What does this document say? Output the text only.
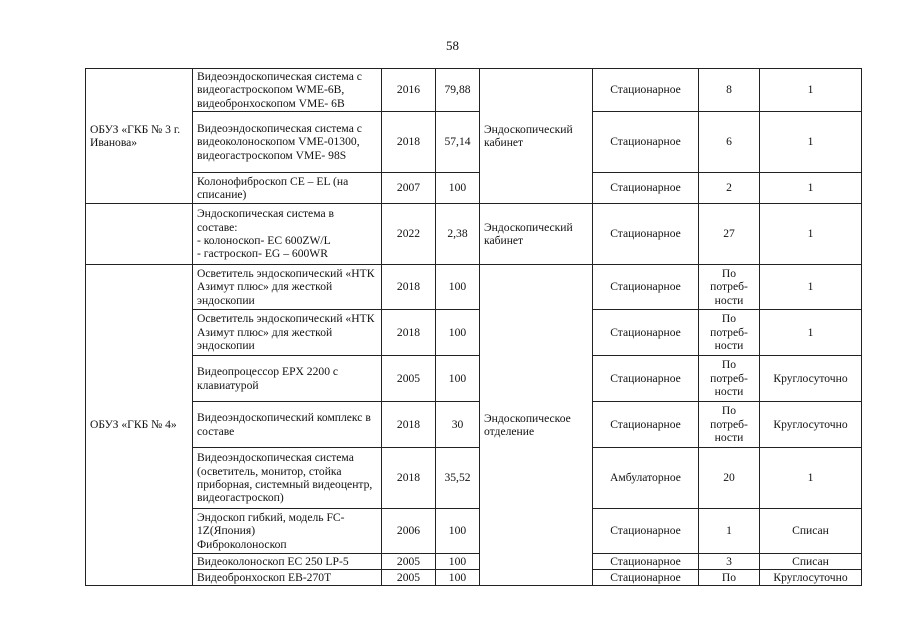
58
ОБУЗ «ГКБ № 3 г. Иванова»	Видеоэндоскопическая система с видеогастроскопом WME-6B, видеобронхоскопом VME- 6B	2016	79,88	Эндоскопический кабинет	Стационарное	8	1
	Видеоэндоскопическая система с видеоколоноскопом VME-01300, видеогастроскопом VME- 98S	2018	57,14		Стационарное	6	1
	Колонофиброскоп CE – EL (на списание)	2007	100		Стационарное	2	1
	Эндоскопическая система в составе:
- колоноскоп- EC 600ZW/L
- гастроскоп- EG – 600WR	2022	2,38	Эндоскопический кабинет	Стационарное	27	1
ОБУЗ «ГКБ № 4»	Осветитель эндоскопический «НТК Азимут плюс» для жесткой эндоскопии	2018	100	Эндоскопическое отделение	Стационарное	По
потреб-
ности	1
	Осветитель эндоскопический «НТК Азимут плюс» для жесткой эндоскопии	2018	100		Стационарное	По
потреб-
ности	1
	Видеопроцессор EPX 2200 с клавиатурой	2005	100		Стационарное	По
потреб-
ности	Круглосуточно
	Видеоэндоскопический комплекс в составе	2018	30		Стационарное	По
потреб-
ности	Круглосуточно
	Видеоэндоскопическая система (осветитель, монитор, стойка приборная, системный видеоцентр, видеогастроскоп)	2018	35,52		Амбулаторное	20	1
	Эндоскоп гибкий, модель FC-1Z(Япония)
Фиброколоноскоп	2006	100		Стационарное	1	Списан
	Видеоколоноскоп EC 250 LP-5	2005	100		Стационарное	3	Списан
	Видеобронхоскоп EB-270T	2005	100		Стационарное	По	Круглосуточно
